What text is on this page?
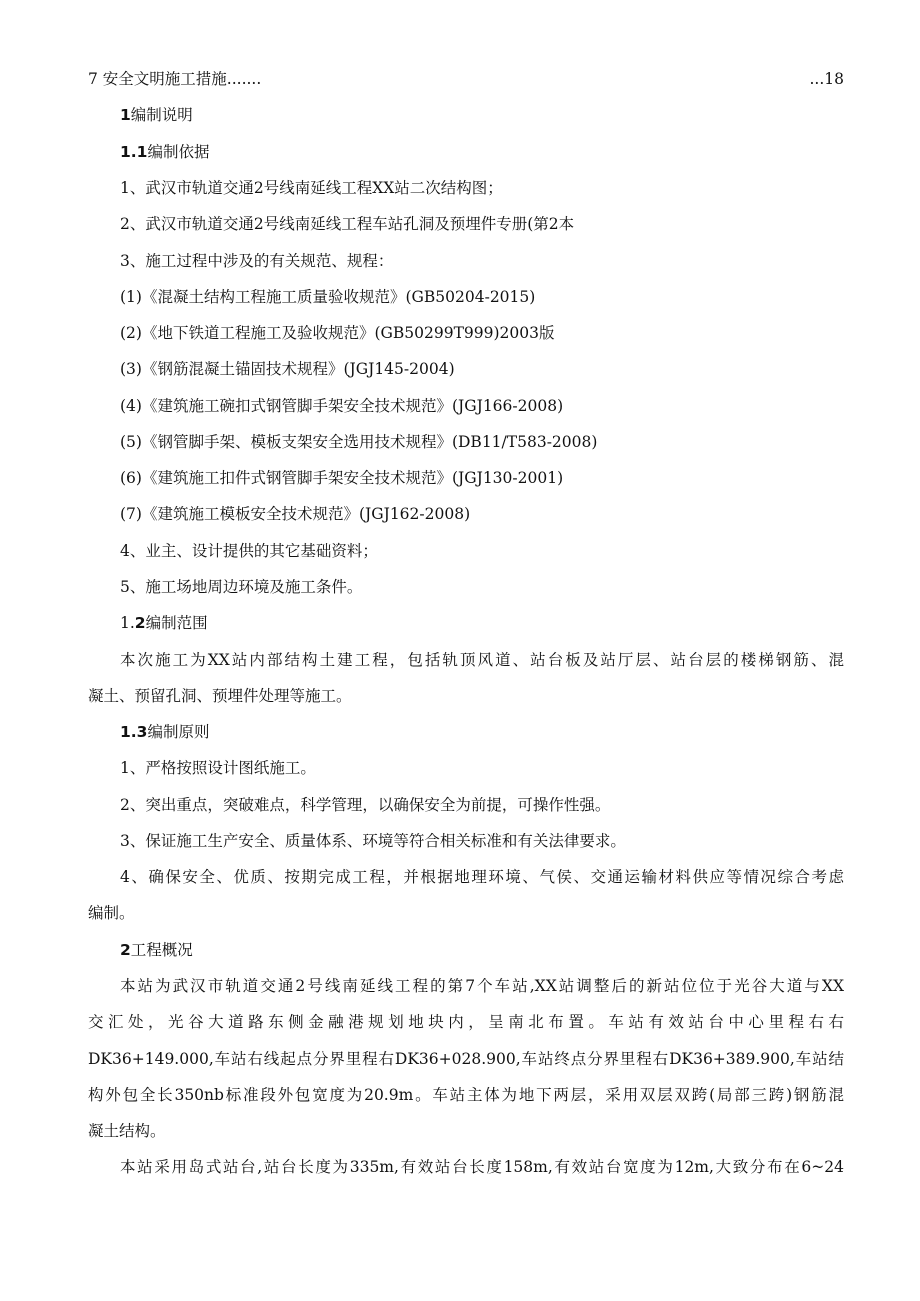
7 安全文明施工措施.......	...18
1编制说明
1.1编制依据
1、武汉市轨道交通2号线南延线工程XX站二次结构图；
2、武汉市轨道交通2号线南延线工程车站孔洞及预埋件专册(第2本
3、施工过程中涉及的有关规范、规程：
(1)《混凝土结构工程施工质量验收规范》(GB50204-2015)
(2)《地下铁道工程施工及验收规范》(GB50299T999)2003版
(3)《钢筋混凝土锚固技术规程》(JGJ145-2004)
(4)《建筑施工碗扣式钢管脚手架安全技术规范》(JGJ166-2008)
(5)《钢管脚手架、模板支架安全选用技术规程》(DB11/T583-2008)
(6)《建筑施工扣件式钢管脚手架安全技术规范》(JGJ130-2001)
(7)《建筑施工模板安全技术规范》(JGJ162-2008)
4、业主、设计提供的其它基础资料；
5、施工场地周边环境及施工条件。
1.2编制范围
本次施工为XX站内部结构土建工程，包括轨顶风道、站台板及站厅层、站台层的楼梯钢筋、混
凝土、预留孔洞、预埋件处理等施工。
1.3编制原则
1、严格按照设计图纸施工。
2、突出重点，突破难点，科学管理，以确保安全为前提，可操作性强。
3、保证施工生产安全、质量体系、环境等符合相关标准和有关法律要求。
4、确保安全、优质、按期完成工程，并根据地理环境、气侯、交通运输材料供应等情况综合考虑
编制。
2工程概况
本站为武汉市轨道交通2号线南延线工程的第7个车站,XX站调整后的新站位位于光谷大道与XX
交汇处，光谷大道路东侧金融港规划地块内，呈南北布置。车站有效站台中心里程右右
DK36+149.000,车站右线起点分界里程右DK36+028.900,车站终点分界里程右DK36+389.900,车站结
构外包全长350nb标准段外包宽度为20.9m。车站主体为地下两层，采用双层双跨(局部三跨)钢筋混
凝土结构。
本站采用岛式站台,站台长度为335m,有效站台长度158m,有效站台宽度为12m,大致分布在6~24
